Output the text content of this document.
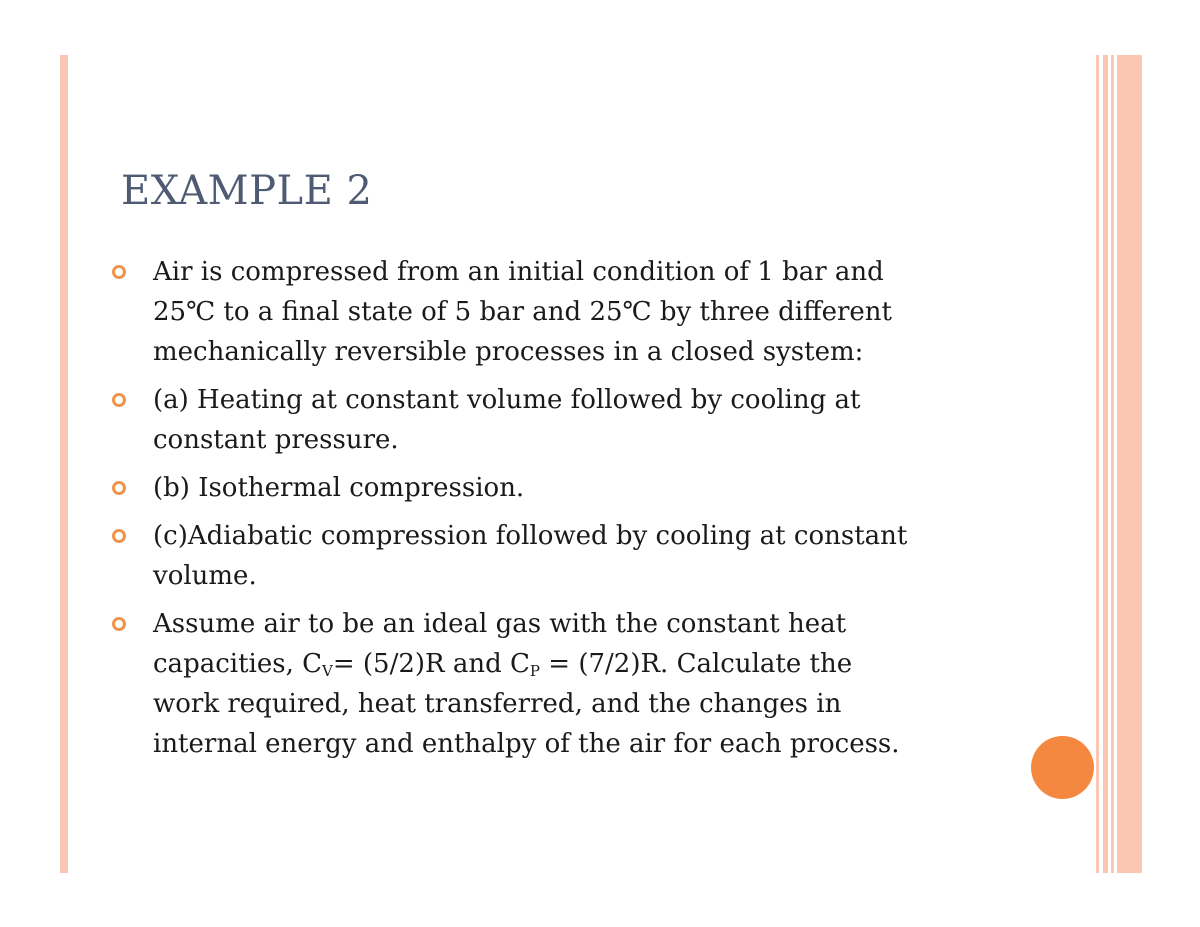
EXAMPLE 2
Air is compressed from an initial condition of 1 bar and
25℃ to a final state of 5 bar and 25℃ by three different
mechanically reversible processes in a closed system:
(a) Heating at constant volume followed by cooling at
constant pressure.
(b) Isothermal compression.
(c)Adiabatic compression followed by cooling at constant
volume.
Assume air to be an ideal gas with the constant heat
capacities, $C_V= (5/2)R$ and $C_P = (7/2)R$. Calculate the
work required, heat transferred, and the changes in
internal energy and enthalpy of the air for each process.
